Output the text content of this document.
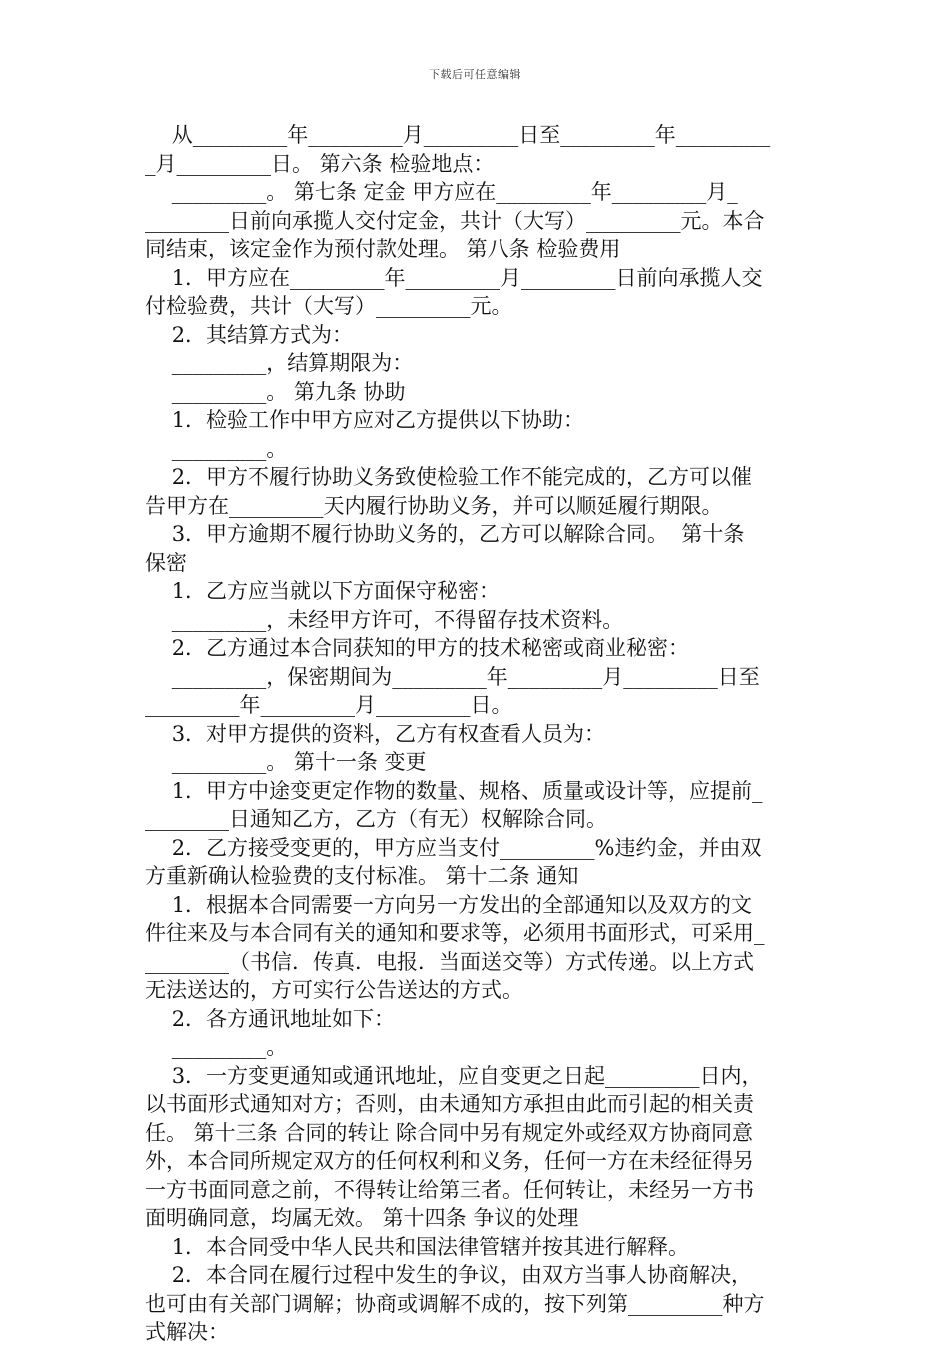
下载后可任意编辑
从_________年_________月_________日至_________年_________
_月_________日。 第六条 检验地点：
_________。 第七条 定金 甲方应在_________年_________月_
________日前向承揽人交付定金，共计（大写）_________元。本合
同结束，该定金作为预付款处理。 第八条 检验费用
1．甲方应在_________年_________月_________日前向承揽人交
付检验费，共计（大写）_________元。
2．其结算方式为：
_________，结算期限为：
_________。 第九条 协助
1．检验工作中甲方应对乙方提供以下协助：
_________。
2．甲方不履行协助义务致使检验工作不能完成的，乙方可以催
告甲方在_________天内履行协助义务，并可以顺延履行期限。
3．甲方逾期不履行协助义务的，乙方可以解除合同。  第十条
保密
1．乙方应当就以下方面保守秘密：
_________，未经甲方许可，不得留存技术资料。
2．乙方通过本合同获知的甲方的技术秘密或商业秘密：
_________，保密期间为_________年_________月_________日至
_________年_________月_________日。
3．对甲方提供的资料，乙方有权查看人员为：
_________。 第十一条 变更
1．甲方中途变更定作物的数量、规格、质量或设计等，应提前_
________日通知乙方，乙方（有无）权解除合同。
2．乙方接受变更的，甲方应当支付_________%违约金，并由双
方重新确认检验费的支付标准。 第十二条 通知
1．根据本合同需要一方向另一方发出的全部通知以及双方的文
件往来及与本合同有关的通知和要求等，必须用书面形式，可采用_
________（书信．传真．电报．当面送交等）方式传递。以上方式
无法送达的，方可实行公告送达的方式。
2．各方通讯地址如下：
_________。
3．一方变更通知或通讯地址，应自变更之日起_________日内，
以书面形式通知对方；否则，由未通知方承担由此而引起的相关责
任。 第十三条 合同的转让 除合同中另有规定外或经双方协商同意
外，本合同所规定双方的任何权利和义务，任何一方在未经征得另
一方书面同意之前，不得转让给第三者。任何转让，未经另一方书
面明确同意，均属无效。 第十四条 争议的处理
1．本合同受中华人民共和国法律管辖并按其进行解释。
2．本合同在履行过程中发生的争议，由双方当事人协商解决，
也可由有关部门调解；协商或调解不成的，按下列第_________种方
式解决：
